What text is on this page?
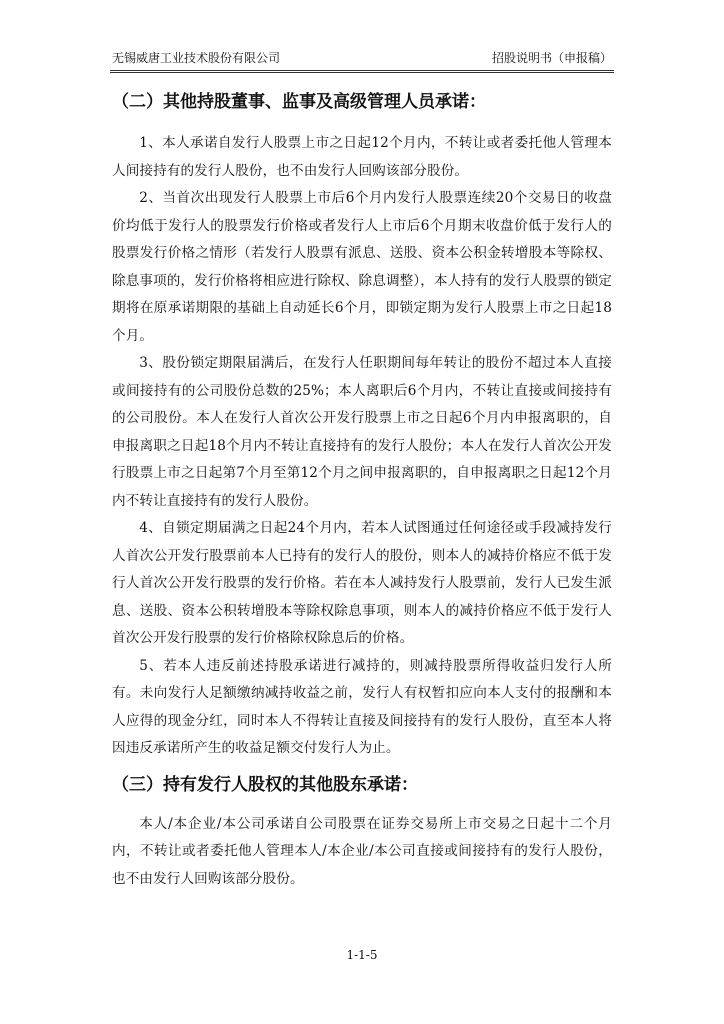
无锡威唐工业技术股份有限公司	招股说明书（申报稿）
（二）其他持股董事、监事及高级管理人员承诺：

1、本人承诺自发行人股票上市之日起12个月内，不转让或者委托他人管理本人间接持有的发行人股份，也不由发行人回购该部分股份。

2、当首次出现发行人股票上市后6个月内发行人股票连续20个交易日的收盘价均低于发行人的股票发行价格或者发行人上市后6个月期末收盘价低于发行人的股票发行价格之情形（若发行人股票有派息、送股、资本公积金转增股本等除权、除息事项的，发行价格将相应进行除权、除息调整），本人持有的发行人股票的锁定期将在原承诺期限的基础上自动延长6个月，即锁定期为发行人股票上市之日起18个月。

3、股份锁定期限届满后，在发行人任职期间每年转让的股份不超过本人直接或间接持有的公司股份总数的25%；本人离职后6个月内，不转让直接或间接持有的公司股份。本人在发行人首次公开发行股票上市之日起6个月内申报离职的，自申报离职之日起18个月内不转让直接持有的发行人股份；本人在发行人首次公开发行股票上市之日起第7个月至第12个月之间申报离职的，自申报离职之日起12个月内不转让直接持有的发行人股份。

4、自锁定期届满之日起24个月内，若本人试图通过任何途径或手段减持发行人首次公开发行股票前本人已持有的发行人的股份，则本人的减持价格应不低于发行人首次公开发行股票的发行价格。若在本人减持发行人股票前，发行人已发生派息、送股、资本公积转增股本等除权除息事项，则本人的减持价格应不低于发行人首次公开发行股票的发行价格除权除息后的价格。

5、若本人违反前述持股承诺进行减持的，则减持股票所得收益归发行人所有。未向发行人足额缴纳减持收益之前，发行人有权暂扣应向本人支付的报酬和本人应得的现金分红，同时本人不得转让直接及间接持有的发行人股份，直至本人将因违反承诺所产生的收益足额交付发行人为止。

（三）持有发行人股权的其他股东承诺：

本人/本企业/本公司承诺自公司股票在证券交易所上市交易之日起十二个月内，不转让或者委托他人管理本人/本企业/本公司直接或间接持有的发行人股份，也不由发行人回购该部分股份。

1-1-5
